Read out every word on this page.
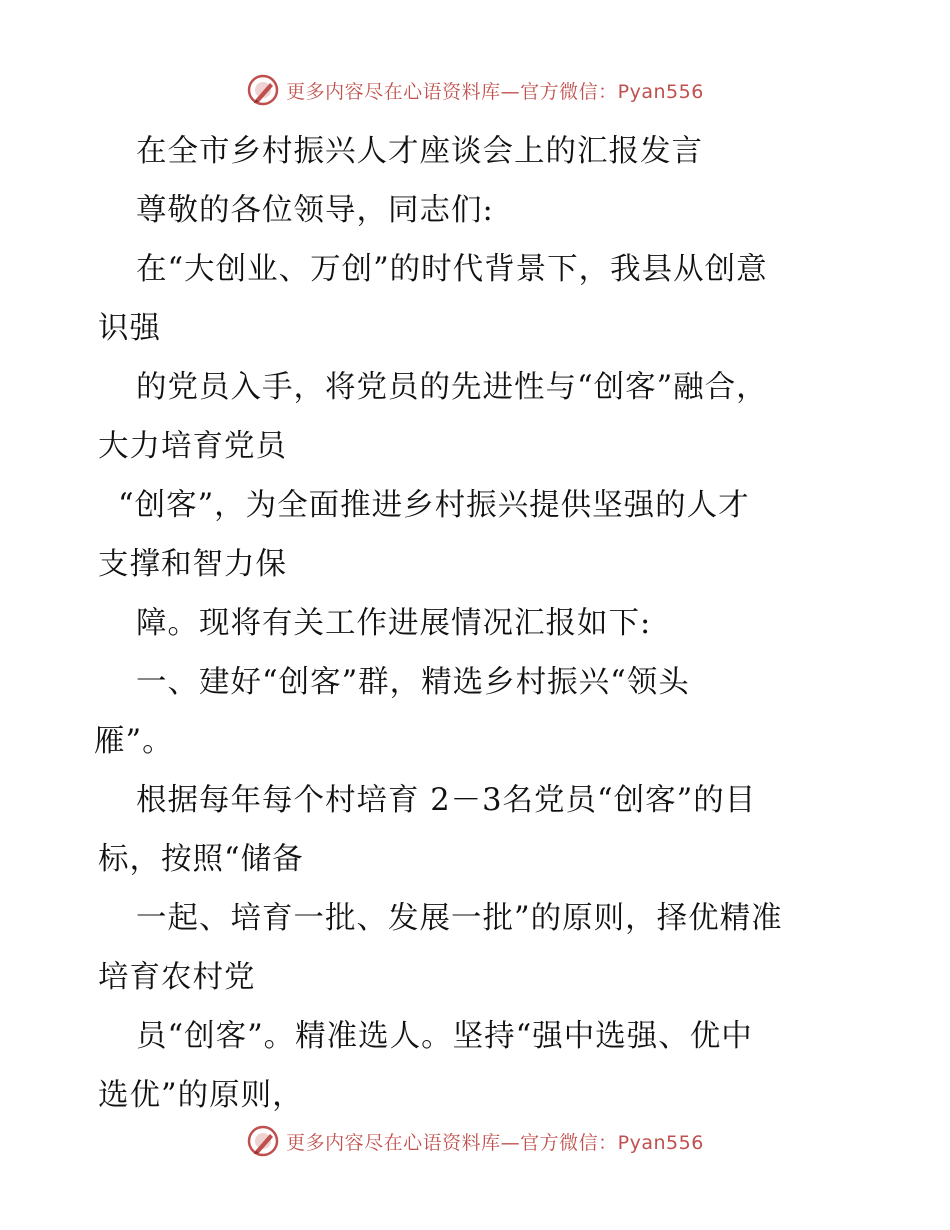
更多内容尽在心语资料库—官方微信：Pyan556
在全市乡村振兴人才座谈会上的汇报发言
尊敬的各位领导，同志们:
在“大创业、万创”的时代背景下，我县从创意
识强
的党员入手，将党员的先进性与“创客”融合，
大力培育党员
“创客”，为全面推进乡村振兴提供坚强的人才
支撑和智力保
障。现将有关工作进展情况汇报如下:
一、建好“创客”群，精选乡村振兴“领头
雁”。
根据每年每个村培育 2－3名党员“创客”的目
标，按照“储备
一起、培育一批、发展一批”的原则，择优精准
培育农村党
员“创客”。精准选人。坚持“强中选强、优中
选优”的原则，
更多内容尽在心语资料库—官方微信：Pyan556
